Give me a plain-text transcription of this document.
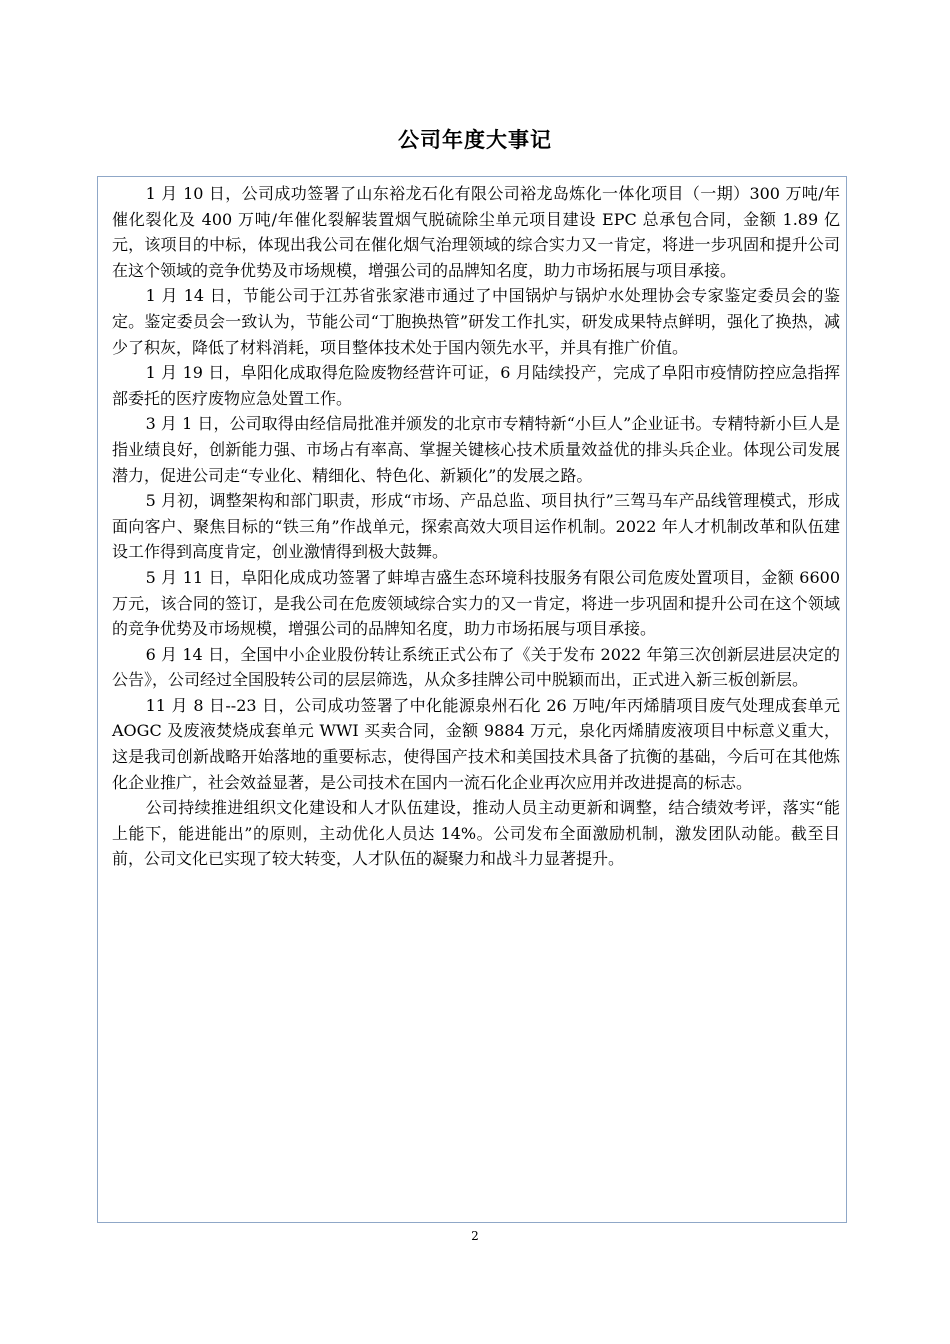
公司年度大事记

1 月 10 日，公司成功签署了山东裕龙石化有限公司裕龙岛炼化一体化项目（一期）300 万吨/年催化裂化及 400 万吨/年催化裂解装置烟气脱硫除尘单元项目建设 EPC 总承包合同，金额 1.89 亿元，该项目的中标，体现出我公司在催化烟气治理领域的综合实力又一肯定，将进一步巩固和提升公司在这个领域的竞争优势及市场规模，增强公司的品牌知名度，助力市场拓展与项目承接。

1 月 14 日，节能公司于江苏省张家港市通过了中国锅炉与锅炉水处理协会专家鉴定委员会的鉴定。鉴定委员会一致认为，节能公司“丁胞换热管”研发工作扎实，研发成果特点鲜明，强化了换热，减少了积灰，降低了材料消耗，项目整体技术处于国内领先水平，并具有推广价值。

1 月 19 日，阜阳化成取得危险废物经营许可证，6 月陆续投产，完成了阜阳市疫情防控应急指挥部委托的医疗废物应急处置工作。

3 月 1 日，公司取得由经信局批准并颁发的北京市专精特新“小巨人”企业证书。专精特新小巨人是指业绩良好，创新能力强、市场占有率高、掌握关键核心技术质量效益优的排头兵企业。体现公司发展潜力，促进公司走“专业化、精细化、特色化、新颖化”的发展之路。

5 月初，调整架构和部门职责，形成“市场、产品总监、项目执行”三驾马车产品线管理模式，形成面向客户、聚焦目标的“铁三角”作战单元，探索高效大项目运作机制。2022 年人才机制改革和队伍建设工作得到高度肯定，创业激情得到极大鼓舞。

5 月 11 日，阜阳化成成功签署了蚌埠吉盛生态环境科技服务有限公司危废处置项目，金额 6600 万元，该合同的签订，是我公司在危废领域综合实力的又一肯定，将进一步巩固和提升公司在这个领域的竞争优势及市场规模，增强公司的品牌知名度，助力市场拓展与项目承接。

6 月 14 日，全国中小企业股份转让系统正式公布了《关于发布 2022 年第三次创新层进层决定的公告》，公司经过全国股转公司的层层筛选，从众多挂牌公司中脱颖而出，正式进入新三板创新层。

11 月 8 日--23 日，公司成功签署了中化能源泉州石化 26 万吨/年丙烯腈项目废气处理成套单元 AOGC 及废液焚烧成套单元 WWI 买卖合同，金额 9884 万元，泉化丙烯腈废液项目中标意义重大，这是我司创新战略开始落地的重要标志，使得国产技术和美国技术具备了抗衡的基础，今后可在其他炼化企业推广，社会效益显著，是公司技术在国内一流石化企业再次应用并改进提高的标志。

公司持续推进组织文化建设和人才队伍建设，推动人员主动更新和调整，结合绩效考评，落实“能上能下，能进能出”的原则，主动优化人员达 14%。公司发布全面激励机制，激发团队动能。截至目前，公司文化已实现了较大转变，人才队伍的凝聚力和战斗力显著提升。

2
